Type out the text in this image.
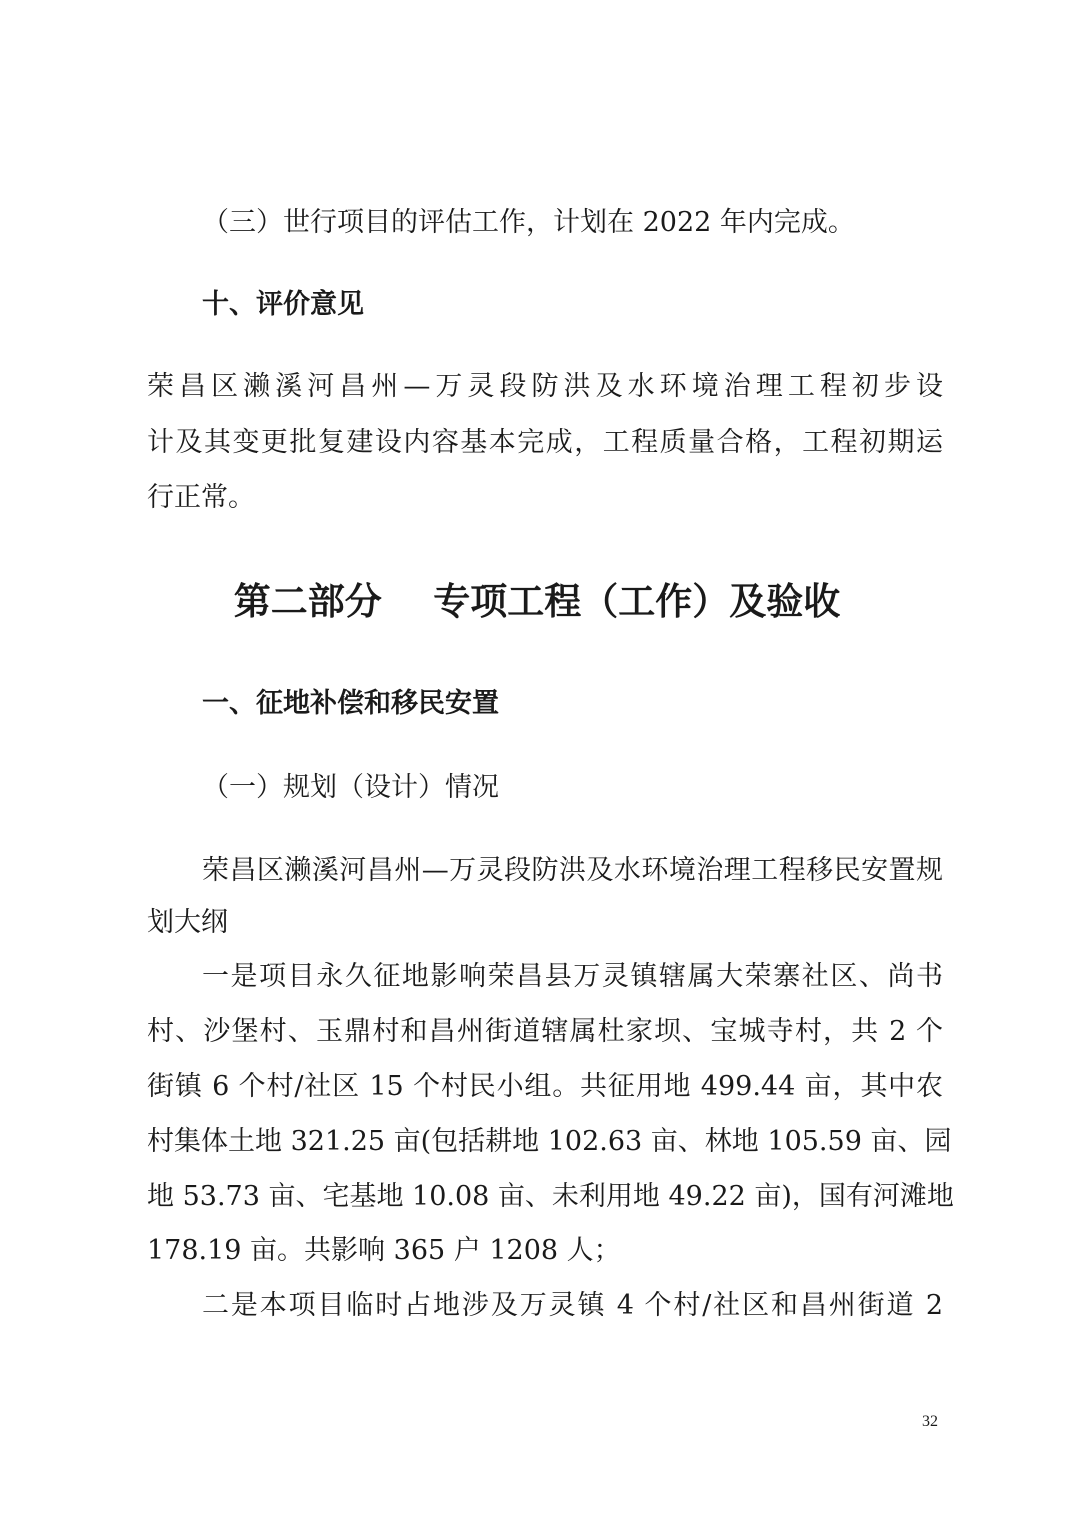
（三）世行项目的评估工作，计划在 2022 年内完成。
十、评价意见
荣昌区濑溪河昌州—万灵段防洪及水环境治理工程初步设
计及其变更批复建设内容基本完成，工程质量合格，工程初期运
行正常。
第二部分    专项工程（工作）及验收
一、征地补偿和移民安置
（一）规划（设计）情况
荣昌区濑溪河昌州—万灵段防洪及水环境治理工程移民安置规
划大纲
一是项目永久征地影响荣昌县万灵镇辖属大荣寨社区、尚书
村、沙堡村、玉鼎村和昌州街道辖属杜家坝、宝城寺村，共 2 个
街镇 6 个村/社区 15 个村民小组。共征用地 499.44 亩，其中农
村集体土地 321.25 亩(包括耕地 102.63 亩、林地 105.59 亩、园
地 53.73 亩、宅基地 10.08 亩、未利用地 49.22 亩)，国有河滩地
178.19 亩。共影响 365 户 1208 人；
二是本项目临时占地涉及万灵镇 4 个村/社区和昌州街道 2
32
